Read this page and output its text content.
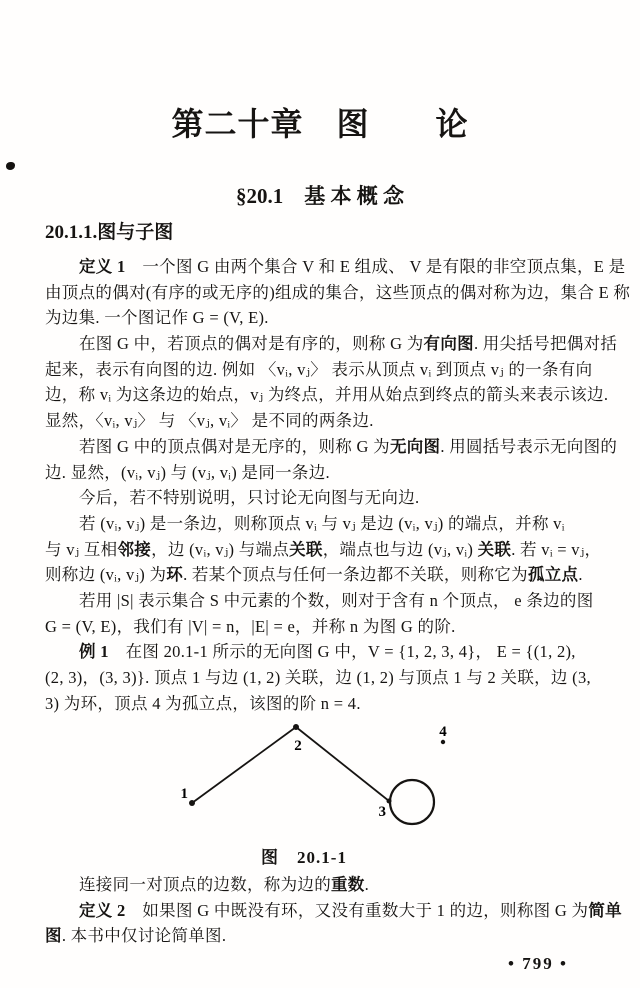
第二十章　图　　论
§20.1　基 本 概 念
20.1.1.图与子图
定义 1　一个图 G 由两个集合 V 和 E 组成、 V 是有限的非空顶点集，E 是
由顶点的偶对(有序的或无序的)组成的集合，这些顶点的偶对称为边，集合 E 称
为边集. 一个图记作 G = (V, E).
在图 G 中，若顶点的偶对是有序的，则称 G 为有向图. 用尖括号把偶对括
起来，表示有向图的边. 例如 〈vᵢ, vⱼ〉 表示从顶点 vᵢ 到顶点 vⱼ 的一条有向
边，称 vᵢ 为这条边的始点，vⱼ 为终点，并用从始点到终点的箭头来表示该边.
显然，〈vᵢ, vⱼ〉 与 〈vⱼ, vᵢ〉 是不同的两条边.
若图 G 中的顶点偶对是无序的，则称 G 为无向图. 用圆括号表示无向图的
边. 显然，(vᵢ, vⱼ) 与 (vⱼ, vᵢ) 是同一条边.
今后，若不特别说明，只讨论无向图与无向边.
若 (vᵢ, vⱼ) 是一条边，则称顶点 vᵢ 与 vⱼ 是边 (vᵢ, vⱼ) 的端点，并称 vᵢ
与 vⱼ 互相邻接，边 (vᵢ, vⱼ) 与端点关联，端点也与边 (vⱼ, vᵢ) 关联. 若 vᵢ = vⱼ，
则称边 (vᵢ, vⱼ) 为环. 若某个顶点与任何一条边都不关联，则称它为孤立点.
若用 |S| 表示集合 S 中元素的个数，则对于含有 n 个顶点， e 条边的图
G = (V, E)，我们有 |V| = n，|E| = e，并称 n 为图 G 的阶.
例 1　在图 20.1-1 所示的无向图 G 中，V = {1, 2, 3, 4}， E = {(1, 2),
(2, 3)，(3, 3)}. 顶点 1 与边 (1, 2) 关联，边 (1, 2) 与顶点 1 与 2 关联，边 (3,
3) 为环，顶点 4 为孤立点，该图的阶 n = 4.
1
2
3
4
图　20.1-1
连接同一对顶点的边数，称为边的重数.
定义 2　如果图 G 中既没有环，又没有重数大于 1 的边，则称图 G 为简单
图. 本书中仅讨论简单图.
• 799 •
